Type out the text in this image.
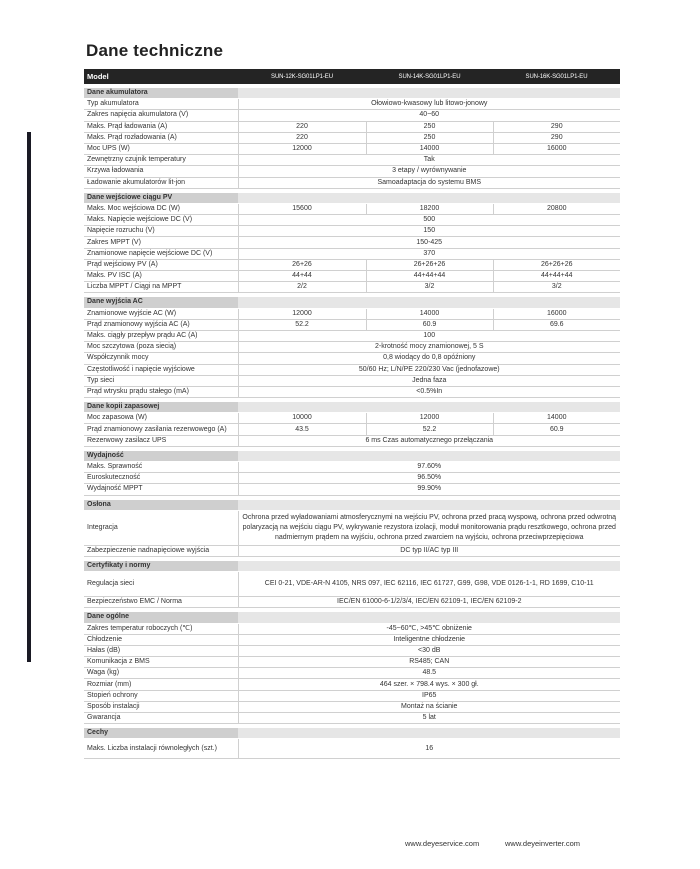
Dane techniczne
Model	SUN-12K-SG01LP1-EU	SUN-14K-SG01LP1-EU	SUN-16K-SG01LP1-EU

Dane akumulatora			
Typ akumulatora	Ołowiowo-kwasowy lub litowo-jonowy		
Zakres napięcia akumulatora (V)	40~60		
Maks. Prąd ładowania (A)	220	250	290
Maks. Prąd rozładowania (A)	220	250	290
Moc UPS (W)	12000	14000	16000
Zewnętrzny czujnik temperatury	Tak		
Krzywa ładowania	3 etapy / wyrównywanie		
Ładowanie akumulatorów lit-jon	Samoadaptacja do systemu BMS		

Dane wejściowe ciągu PV			
Maks. Moc wejściowa DC (W)	15600	18200	20800
Maks. Napięcie wejściowe DC (V)	500		
Napięcie rozruchu (V)	150		
Zakres MPPT (V)	150-425		
Znamionowe napięcie wejściowe DC (V)	370		
Prąd wejściowy PV (A)	26+26	26+26+26	26+26+26
Maks. PV ISC (A)	44+44	44+44+44	44+44+44
Liczba MPPT / Ciągi na MPPT	2/2	3/2	3/2

Dane wyjścia AC			
Znamionowe wyjście AC (W)	12000	14000	16000
Prąd znamionowy wyjścia AC (A)	52.2	60.9	69.6
Maks. ciągły przepływ prądu AC (A)	100		
Moc szczytowa (poza siecią)	2-krotność mocy znamionowej, 5 S		
Współczynnik mocy	0,8 wiodący do 0,8 opóźniony		
Częstotliwość i napięcie wyjściowe	50/60 Hz; L/N/PE 220/230 Vac (jednofazowe)		
Typ sieci	Jedna faza		
Prąd wtrysku prądu stałego (mA)	<0.5%In		

Dane kopii zapasowej			
Moc zapasowa (W)	10000	12000	14000
Prąd znamionowy zasilania rezerwowego (A)	43.5	52.2	60.9
Rezerwowy zasilacz UPS	6 ms Czas automatycznego przełączania		

Wydajność			
Maks. Sprawność	97.60%		
Euroskuteczność	96.50%		
Wydajność MPPT	99.90%		

Osłona			
Integracja	Ochrona przed wyładowaniami atmosferycznymi na wejściu PV, ochrona przed pracą wyspową, ochrona przed odwrotną polaryzacją na wejściu ciągu PV, wykrywanie rezystora izolacji, moduł monitorowania prądu resztkowego, ochrona przed nadmiernym prądem na wyjściu, ochrona przed zwarciem na wyjściu, ochrona przeciwprzepięciowa		
Zabezpieczenie nadnapięciowe wyjścia	DC typ II/AC typ III		

Certyfikaty i normy			
Regulacja sieci	CEI 0-21, VDE-AR-N 4105, NRS 097, IEC 62116, IEC 61727, G99, G98, VDE 0126-1-1, RD 1699, C10-11		
Bezpieczeństwo EMC / Norma	IEC/EN 61000-6-1/2/3/4, IEC/EN 62109-1, IEC/EN 62109-2		

Dane ogólne			
Zakres temperatur roboczych (℃)	-45~60℃, >45℃ obniżenie		
Chłodzenie	Inteligentne chłodzenie		
Hałas (dB)	<30 dB		
Komunikacja z BMS	RS485; CAN		
Waga (kg)	48.5		
Rozmiar (mm)	464 szer. × 798.4 wys. × 300 gł.		
Stopień ochrony	IP65		
Sposób instalacji	Montaż na ścianie		
Gwarancja	5 lat		

Cechy			
Maks. Liczba instalacji równoległych (szt.)	16		
www.deyeservice.com	www.deyeinverter.com
